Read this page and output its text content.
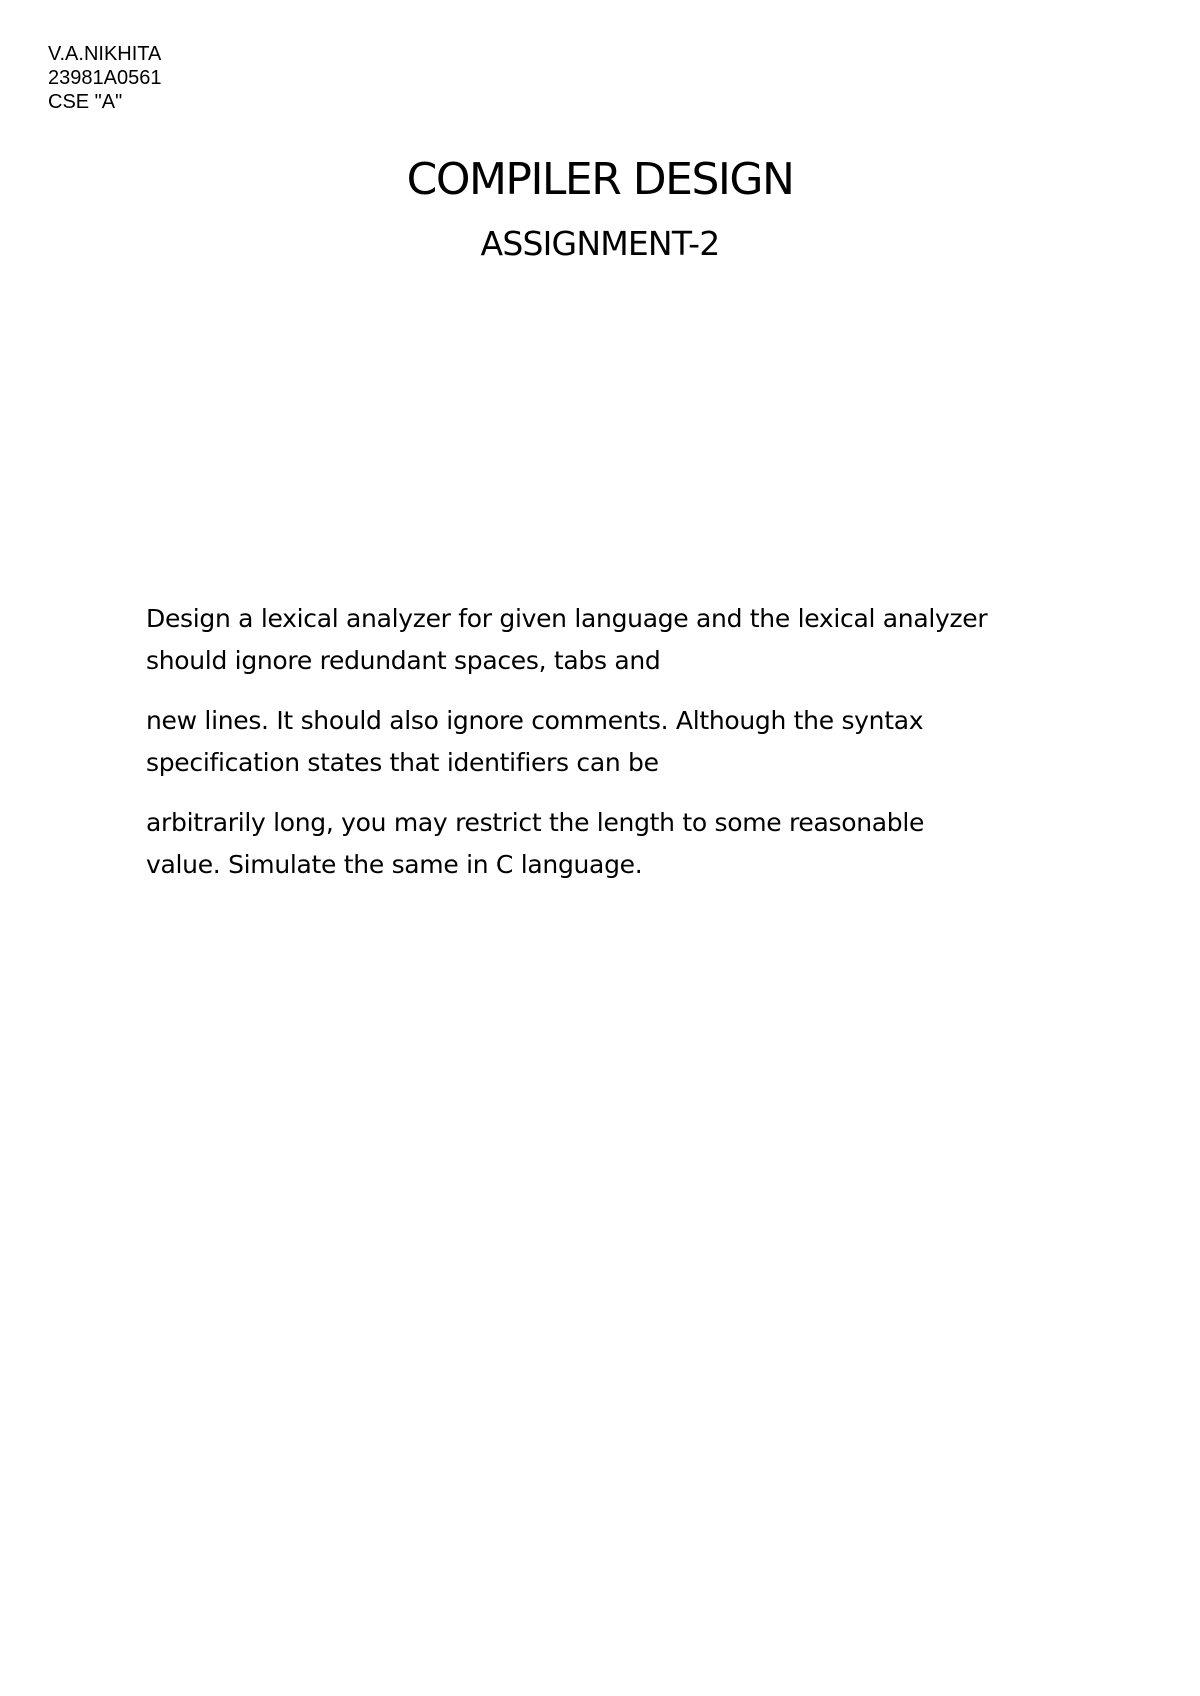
V.A.NIKHITA
23981A0561
CSE "A"
COMPILER DESIGN
ASSIGNMENT-2

Design a lexical analyzer for given language and the lexical analyzer
should ignore redundant spaces, tabs and

new lines. It should also ignore comments. Although the syntax
specification states that identifiers can be

arbitrarily long, you may restrict the length to some reasonable
value. Simulate the same in C language.
